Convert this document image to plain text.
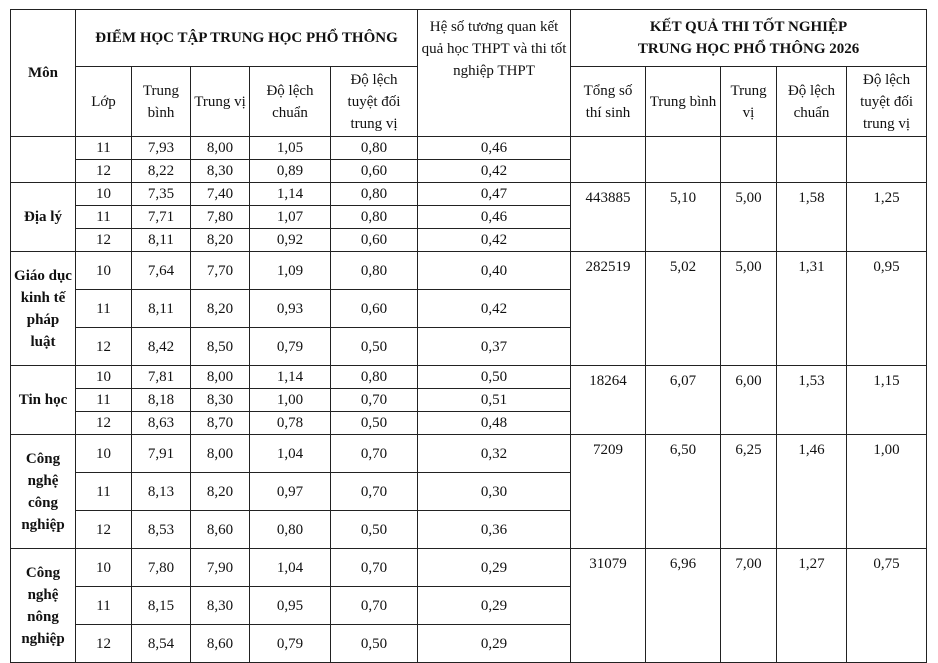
Môn	ĐIỂM HỌC TẬP TRUNG HỌC PHỔ THÔNG					Hệ số tương quan kết quả học THPT và thi tốt nghiệp THPT	KẾT QUẢ THI TỐT NGHIỆP
TRUNG HỌC PHỔ THÔNG 2026				
	Lớp	Trung bình	Trung vị	Độ lệch chuẩn	Độ lệch tuyệt đối trung vị		Tổng số thí sinh	Trung bình	Trung vị	Độ lệch chuẩn	Độ lệch tuyệt đối trung vị
	11	7,93	8,00	1,05	0,80	0,46					
	12	8,22	8,30	0,89	0,60	0,42					
Địa lý	10	7,35	7,40	1,14	0,80	0,47	443885	5,10	5,00	1,58	1,25
	11	7,71	7,80	1,07	0,80	0,46					
	12	8,11	8,20	0,92	0,60	0,42					
Giáo dục kinh tế pháp luật	10	7,64	7,70	1,09	0,80	0,40	282519	5,02	5,00	1,31	0,95
	11	8,11	8,20	0,93	0,60	0,42					
	12	8,42	8,50	0,79	0,50	0,37					
Tin học	10	7,81	8,00	1,14	0,80	0,50	18264	6,07	6,00	1,53	1,15
	11	8,18	8,30	1,00	0,70	0,51					
	12	8,63	8,70	0,78	0,50	0,48					
Công nghệ công nghiệp	10	7,91	8,00	1,04	0,70	0,32	7209	6,50	6,25	1,46	1,00
	11	8,13	8,20	0,97	0,70	0,30					
	12	8,53	8,60	0,80	0,50	0,36					
Công nghệ nông nghiệp	10	7,80	7,90	1,04	0,70	0,29	31079	6,96	7,00	1,27	0,75
	11	8,15	8,30	0,95	0,70	0,29					
	12	8,54	8,60	0,79	0,50	0,29					
